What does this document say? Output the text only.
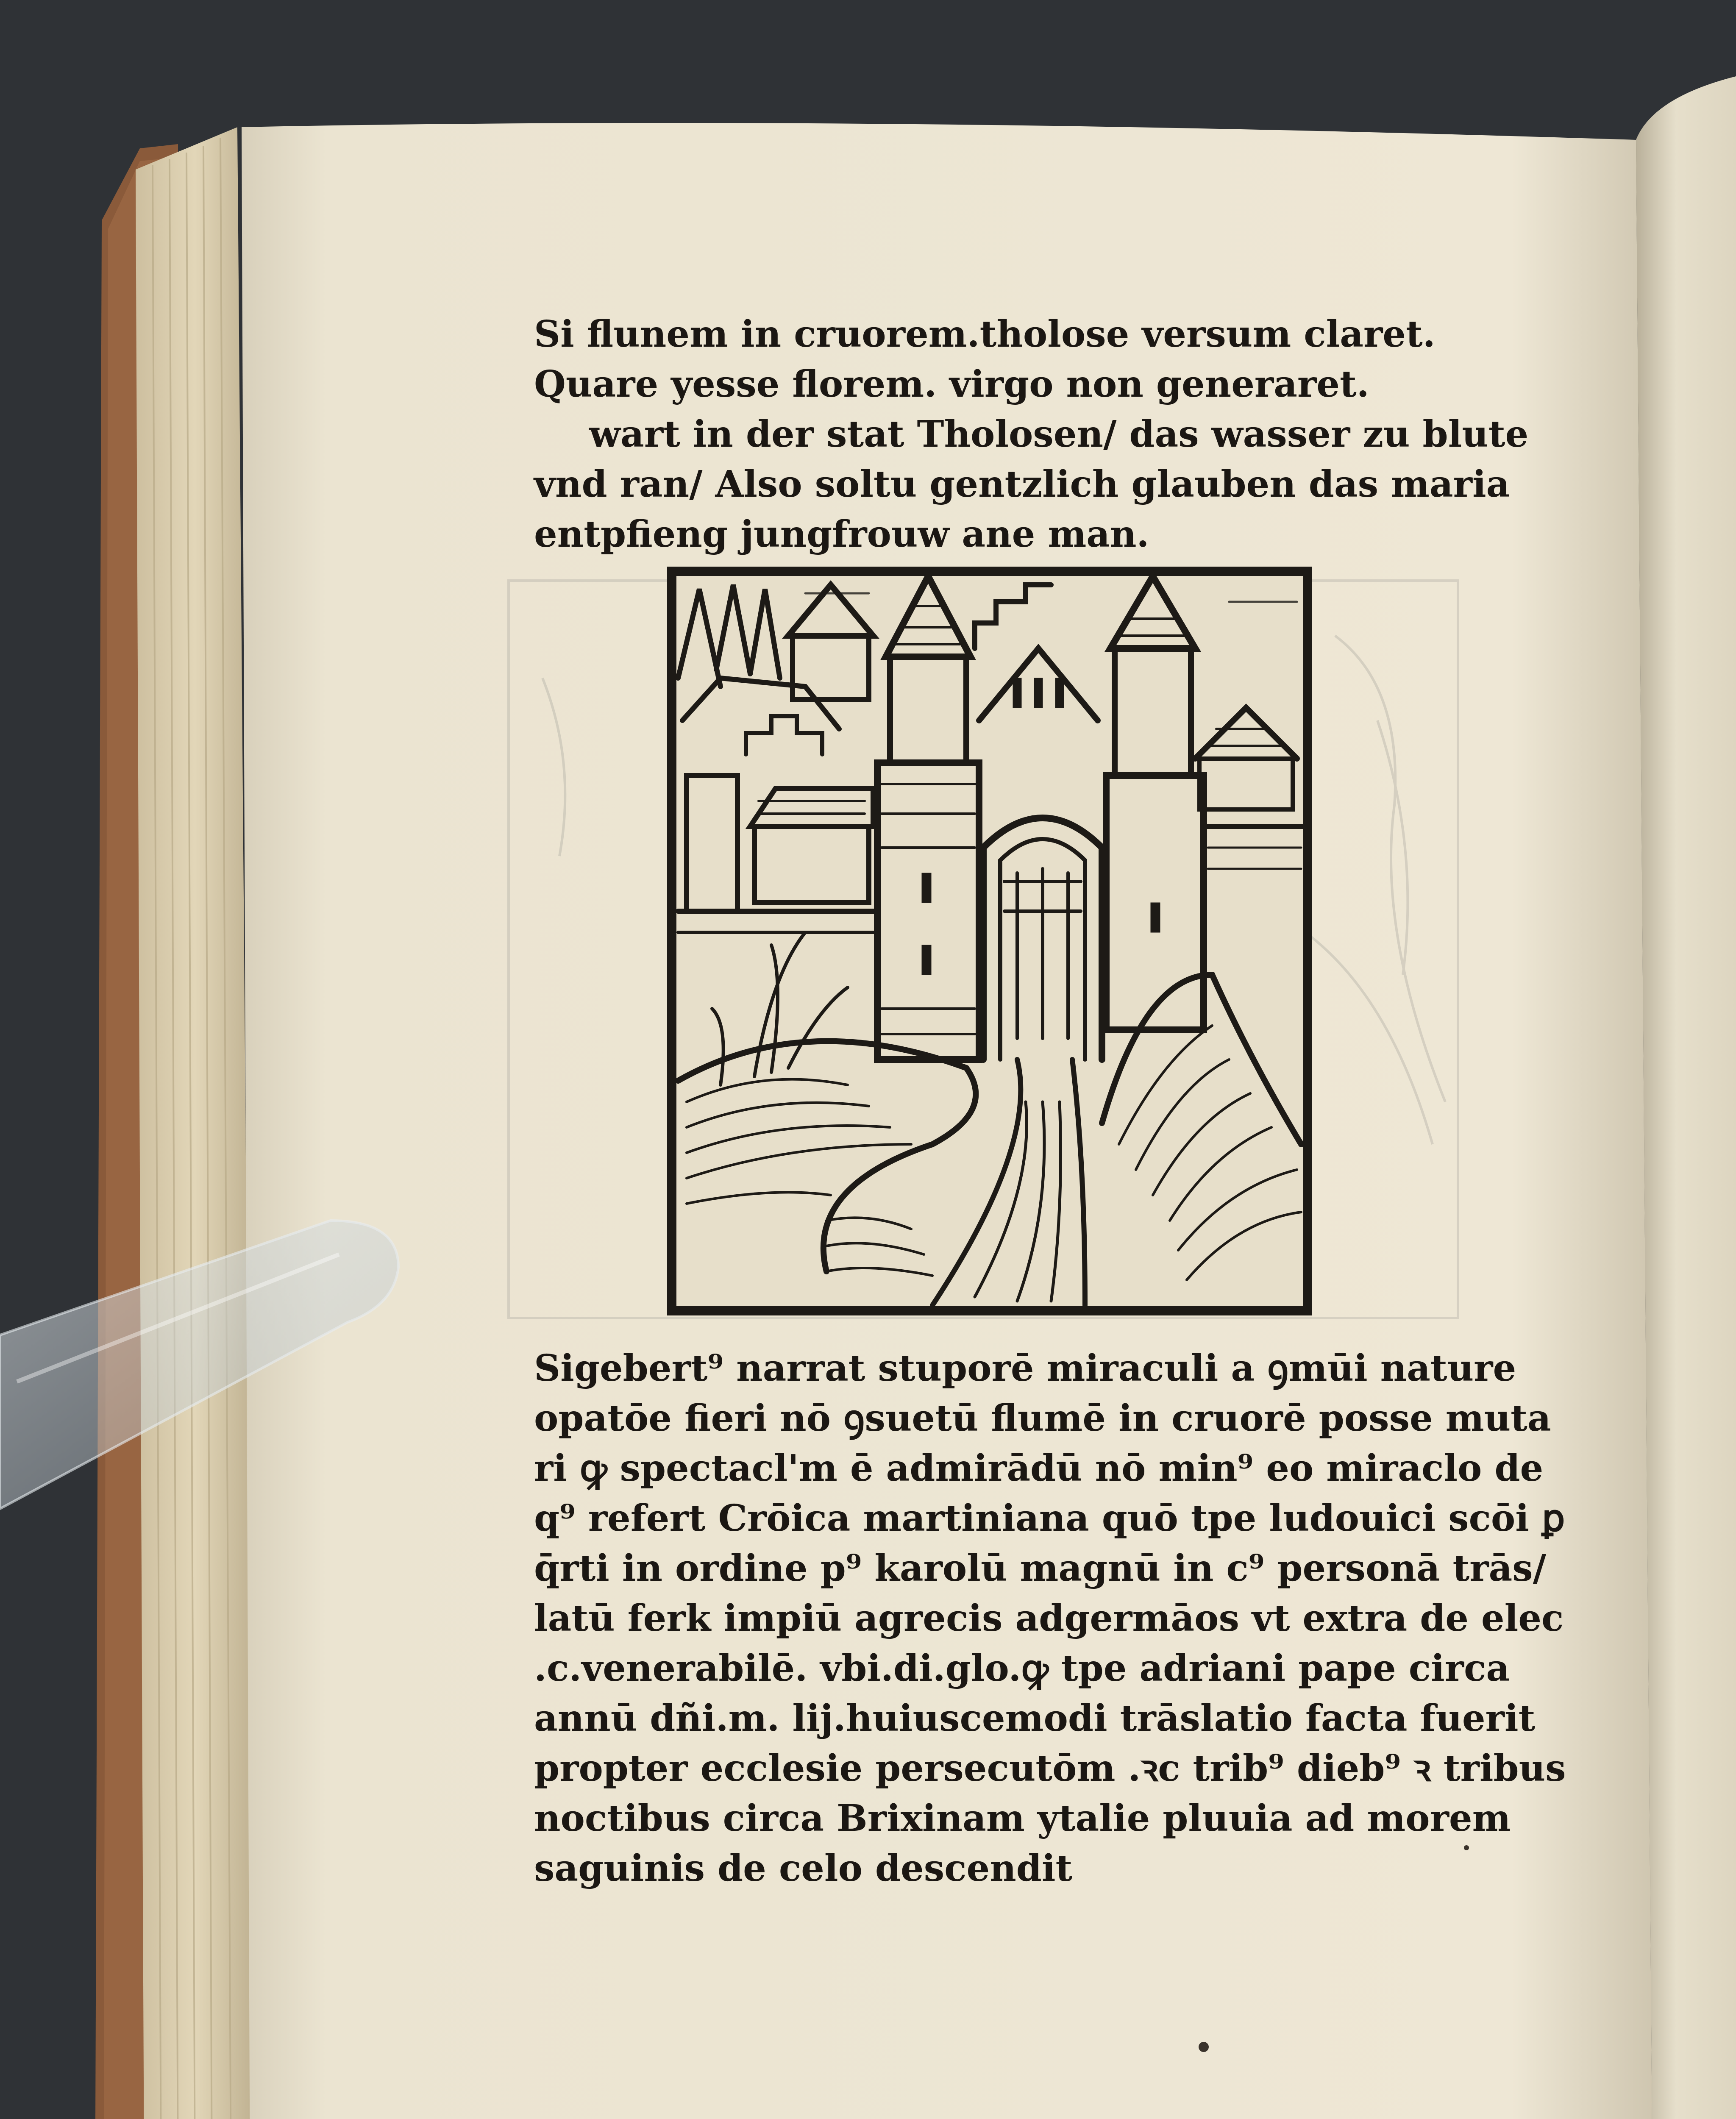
Si flunem in cruorem.tholose versum claret.
Quare yesse florem. virgo non generaret.
wart in der stat Tholosen/ das wasser zu blute
vnd ran/ Also soltu gentzlich glauben das maria
entpfieng jungfrouw ane man.
Sigebert⁹ narrat stuporē miraculi a ꝯmūi nature
opatōe fieri nō ꝯsuetū flumē in cruorē posse muta
ri ꝙ spectacl'm ē admirādū nō min⁹ eo miraclo de
q⁹ refert Crōica martiniana quō tpe ludouici scōi ꝑ
q̄rti in ordine p⁹ karolū magnū in c⁹ personā trās/
latū ferk impiū agrecis adgermāos vt extra de elec
.c.venerabilē. vbi.di.glo.ꝙ tpe adriani pape circa
annū dñi.m. lij.huiuscemodi trāslatio facta fuerit
propter ecclesie persecutōm .ꝛc trib⁹ dieb⁹ ꝛ tribus
noctibus circa Brixinam ytalie pluuia ad morem
saguinis de celo descendit
